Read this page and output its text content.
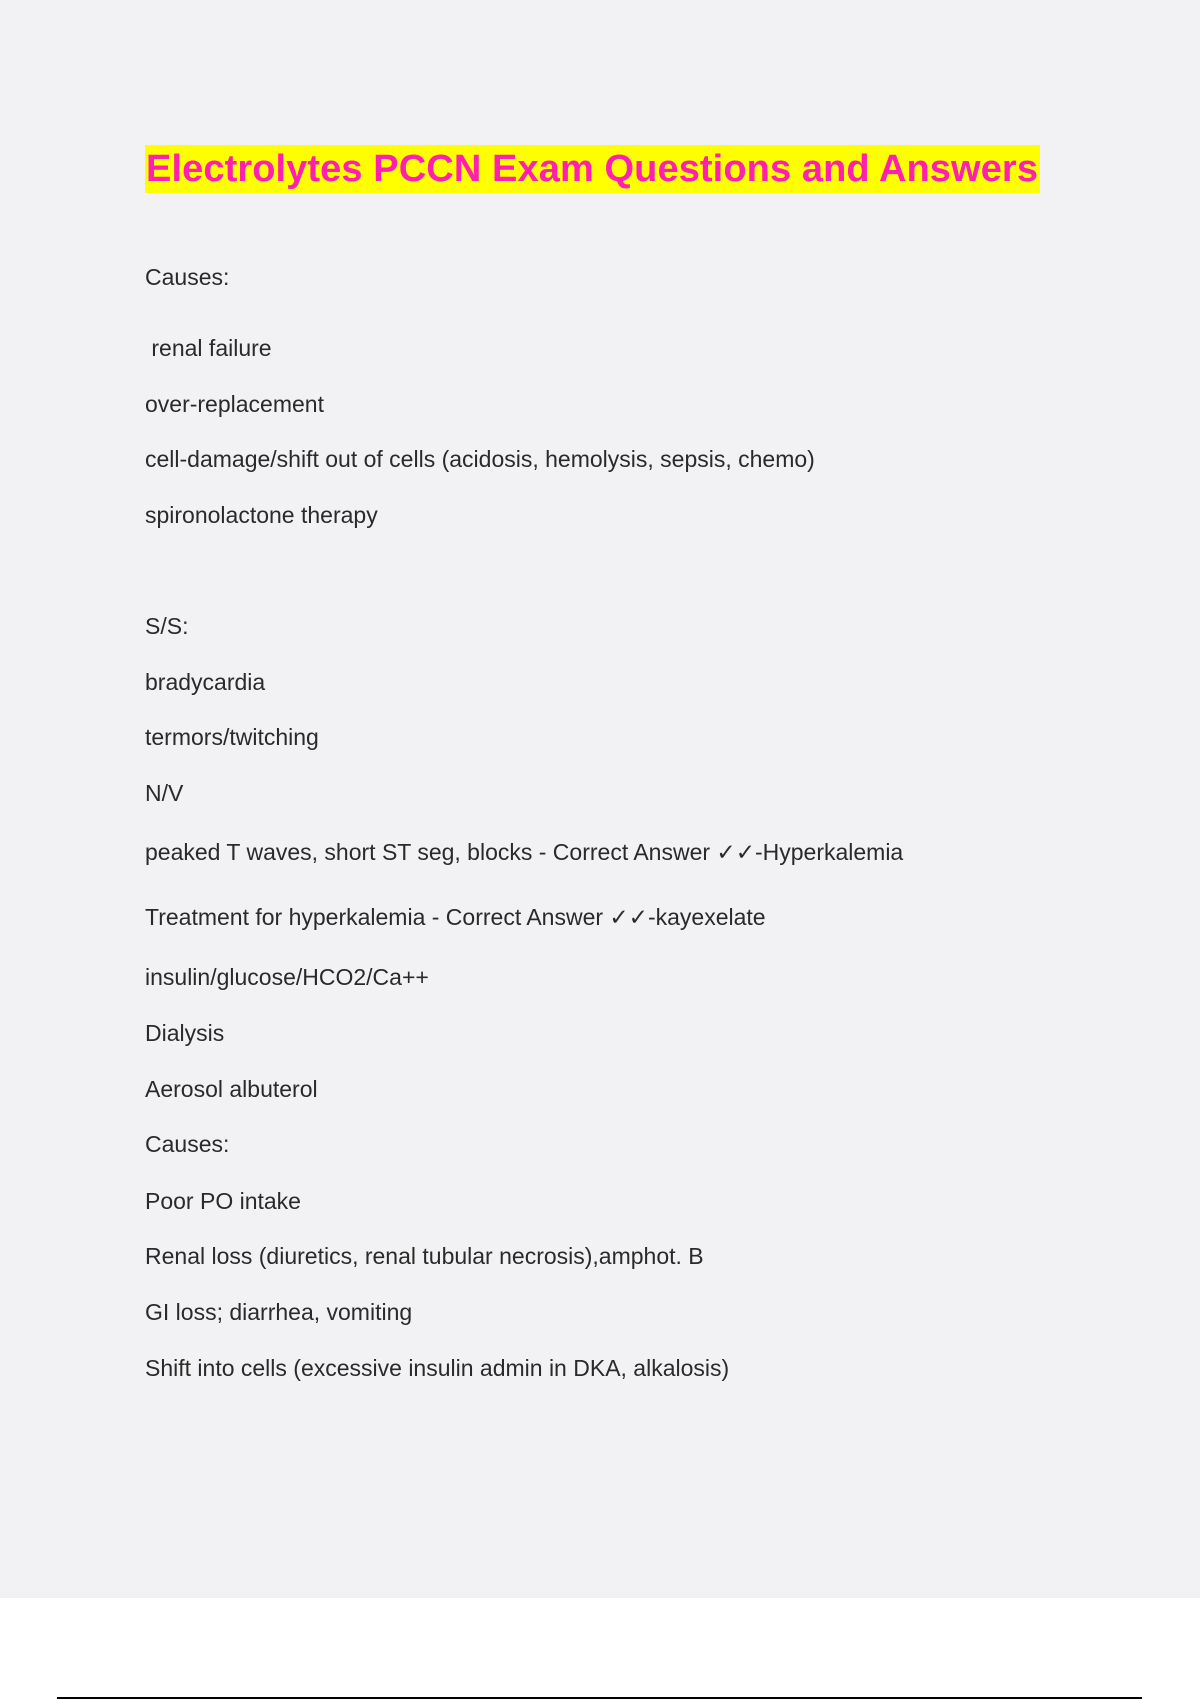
Electrolytes PCCN Exam Questions and Answers

Causes:

renal failure

over-replacement

cell-damage/shift out of cells (acidosis, hemolysis, sepsis, chemo)

spironolactone therapy

S/S:

bradycardia

termors/twitching

N/V

peaked T waves, short ST seg, blocks - Correct Answer ✓✓-Hyperkalemia

Treatment for hyperkalemia - Correct Answer ✓✓-kayexelate

insulin/glucose/HCO2/Ca++

Dialysis

Aerosol albuterol

Causes:

Poor PO intake

Renal loss (diuretics, renal tubular necrosis),amphot. B

GI loss; diarrhea, vomiting

Shift into cells (excessive insulin admin in DKA, alkalosis)
